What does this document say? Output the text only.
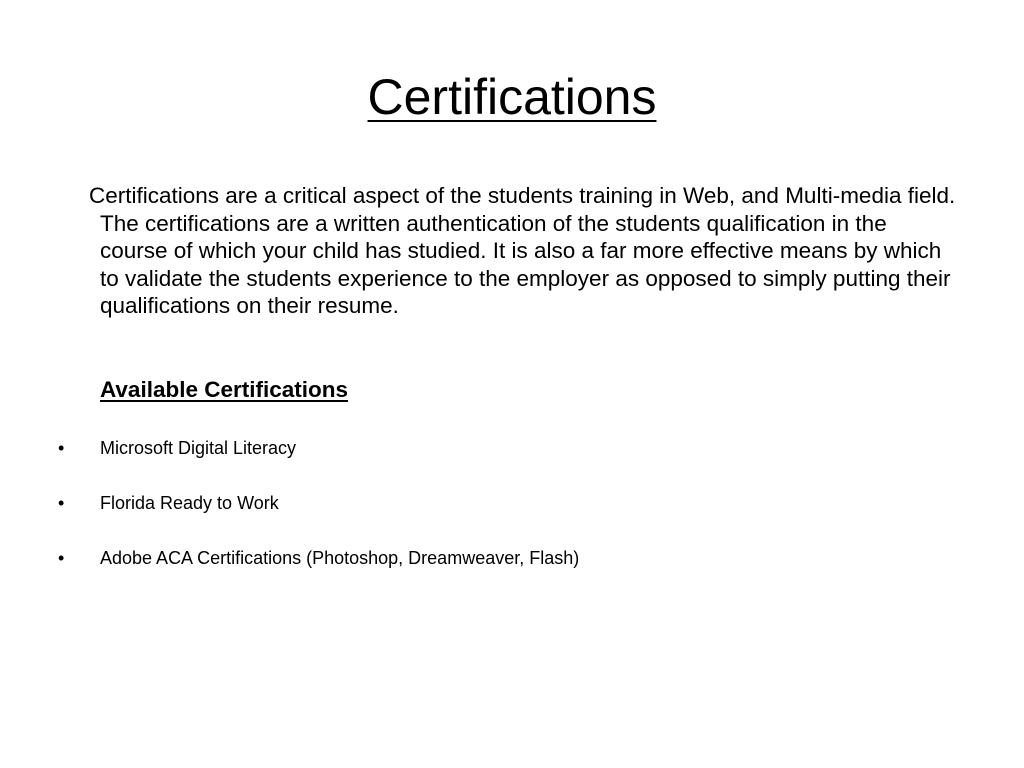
Certifications
Certifications are a critical aspect of the students training in Web, and Multi-media field. The certifications are a written authentication of the students qualification in the course of which your child has studied. It is also a far more effective means by which to validate the students experience to the employer as opposed to simply putting their qualifications on their resume.
Available Certifications
• Microsoft Digital Literacy
• Florida Ready to Work
• Adobe ACA Certifications (Photoshop, Dreamweaver, Flash)
